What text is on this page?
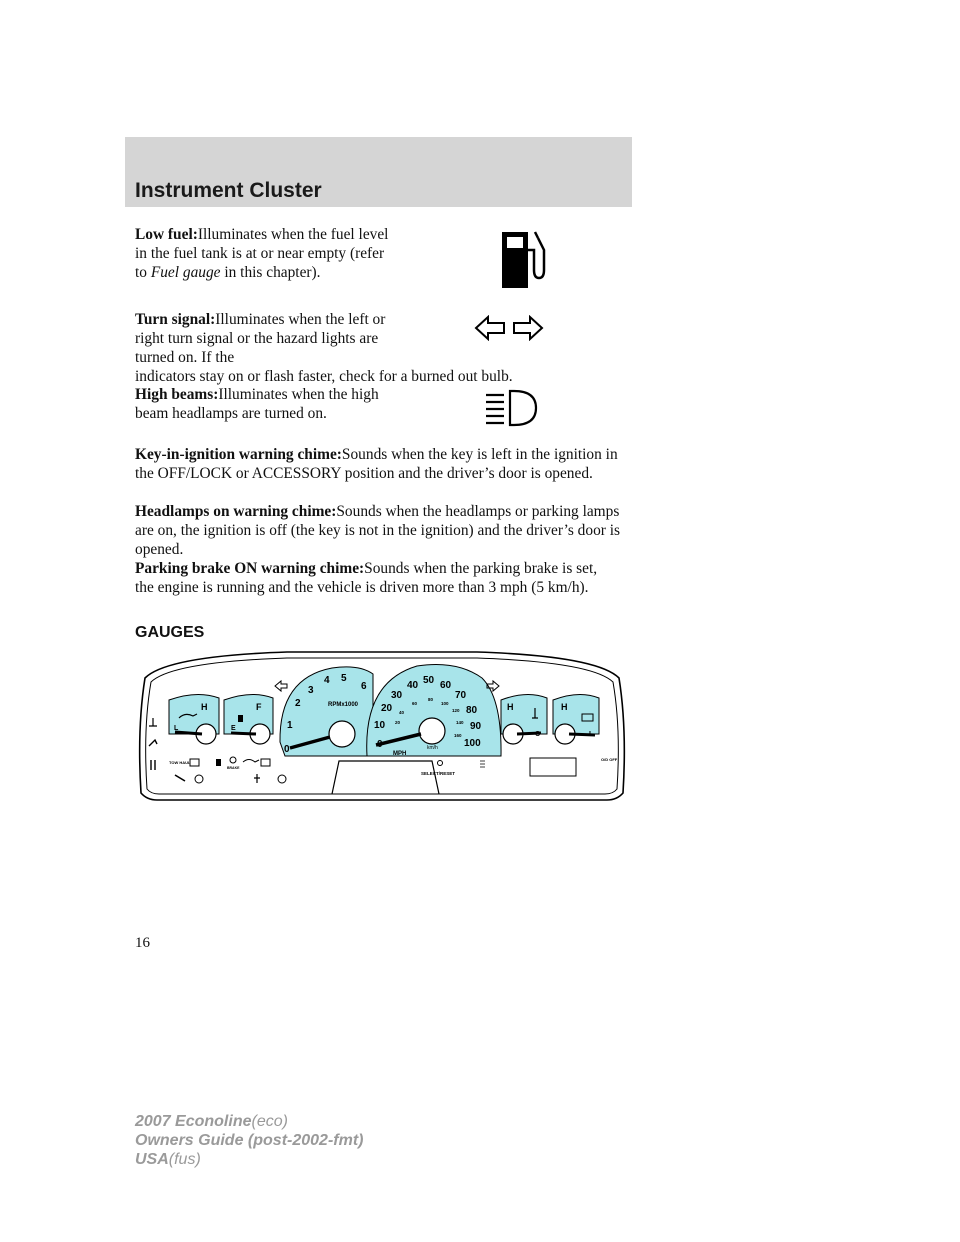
Instrument Cluster
Low fuel:Illuminates when the fuel level in the fuel tank is at or near empty (refer to Fuel gauge in this chapter).
Turn signal:Illuminates when the left or right turn signal or the hazard lights are turned on. If the
indicators stay on or flash faster, check for a burned out bulb.
High beams:Illuminates when the high beam headlamps are turned on.
Key-in-ignition warning chime:Sounds when the key is left in the ignition in the OFF/LOCK or ACCESSORY position and the driver’s door is opened.
Headlamps on warning chime:Sounds when the headlamps or parking lamps are on, the ignition is off (the key is not in the ignition) and the driver’s door is opened.
Parking brake ON warning chime:Sounds when the parking brake is set, the engine is running and the vehicle is driven more than 3 mph (5 km/h).
GAUGES
H
L
F
E
RPMx1000
0
1
2
3
4 5
6
MPH
km/h
0
10
20
30
40 50 60
70
80
90
100
20
40
60
80
100
120
140
160
H
C
H
L
TOW HAUL
BRAKE
SELECT/RESET
O/D OFF
16
2007 Econoline(eco)
Owners Guide (post-2002-fmt)
USA(fus)
